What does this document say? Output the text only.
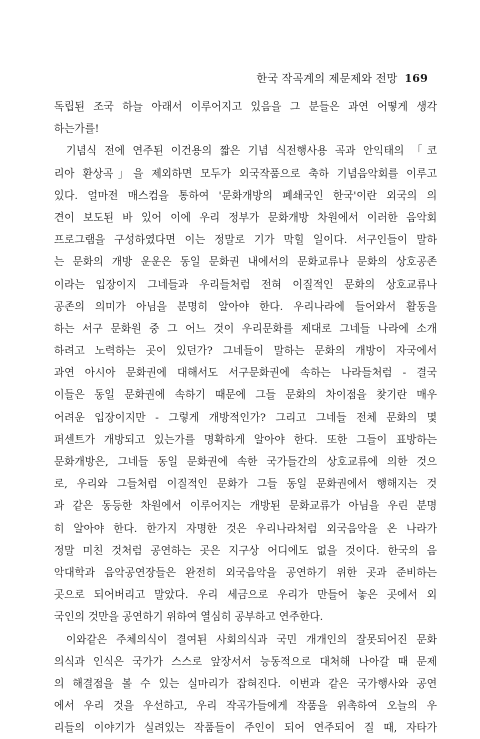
한국 작곡계의 제문제와 전망 169
독립된 조국 하늘 아래서 이루어지고 있음을 그 분들은 과연 어떻게 생각
하는가를!
기념식 전에 연주된 이건용의 짧은 기념 식전행사용 곡과 안익태의 「코
리아 환상곡」을 제외하면 모두가 외국작품으로 축하 기념음악회를 이루고
있다. 얼마전 매스컴을 통하여 '문화개방의 폐쇄국인 한국'이란 외국의 의
견이 보도된 바 있어 이에 우리 정부가 문화개방 차원에서 이러한 음악회
프로그램을 구성하였다면 이는 정말로 기가 막힐 일이다. 서구인들이 말하
는 문화의 개방 운운은 동일 문화권 내에서의 문화교류나 문화의 상호공존
이라는 입장이지 그네들과 우리들처럼 전혀 이질적인 문화의 상호교류나
공존의 의미가 아님을 분명히 알아야 한다. 우리나라에 들어와서 활동을
하는 서구 문화원 중 그 어느 것이 우리문화를 제대로 그네들 나라에 소개
하려고 노력하는 곳이 있던가? 그네들이 말하는 문화의 개방이 자국에서
과연 아시아 문화권에 대해서도 서구문화권에 속하는 나라들처럼 - 결국
이들은 동일 문화권에 속하기 때문에 그들 문화의 차이점을 찾기란 매우
어려운 입장이지만 - 그렇게 개방적인가? 그리고 그네들 전체 문화의 몇
퍼센트가 개방되고 있는가를 명확하게 알아야 한다. 또한 그들이 표방하는
문화개방은, 그네들 동일 문화권에 속한 국가들간의 상호교류에 의한 것으
로, 우리와 그들처럼 이질적인 문화가 그들 동일 문화권에서 행해지는 것
과 같은 동등한 차원에서 이루어지는 개방된 문화교류가 아님을 우린 분명
히 알아야 한다. 한가지 자명한 것은 우리나라처럼 외국음악을 온 나라가
정말 미친 것처럼 공연하는 곳은 지구상 어디에도 없을 것이다. 한국의 음
악대학과 음악공연장들은 완전히 외국음악을 공연하기 위한 곳과 준비하는
곳으로 되어버리고 말았다. 우리 세금으로 우리가 만들어 놓은 곳에서 외
국인의 것만을 공연하기 위하여 열심히 공부하고 연주한다.
이와같은 주체의식이 결여된 사회의식과 국민 개개인의 잘못되어진 문화
의식과 인식은 국가가 스스로 앞장서서 능동적으로 대처해 나아갈 때 문제
의 해결점을 볼 수 있는 실마리가 잡혀진다. 이번과 같은 국가행사와 공연
에서 우리 것을 우선하고, 우리 작곡가들에게 작품을 위촉하여 오늘의 우
리들의 이야기가 실려있는 작품들이 주인이 되어 연주되어 질 때, 자타가
